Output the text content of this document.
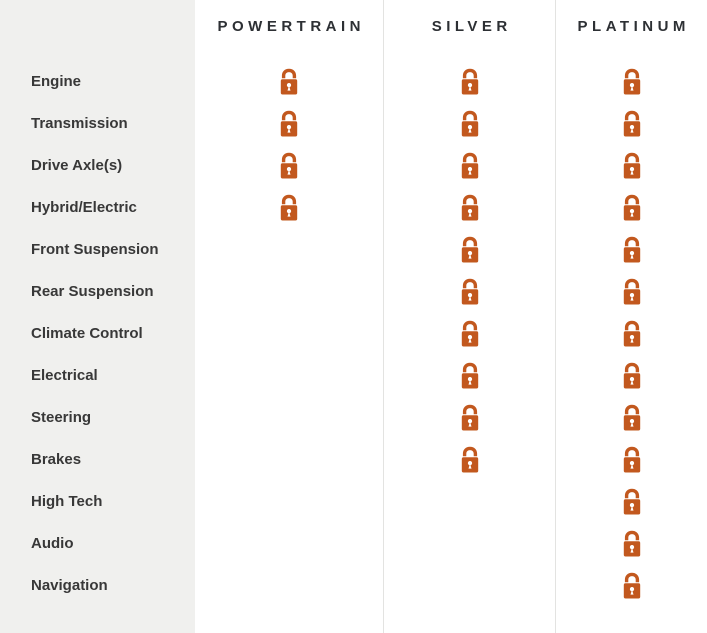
POWERTRAIN	SILVER	PLATINUM
Engine
Transmission
Drive Axle(s)
Hybrid/Electric
Front Suspension
Rear Suspension
Climate Control
Electrical
Steering
Brakes
High Tech
Audio
Navigation
